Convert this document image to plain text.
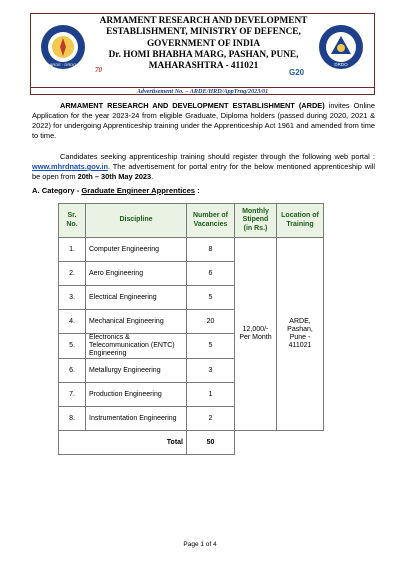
ARDE · DRDO
ARMAMENT RESEARCH AND DEVELOPMENT
ESTABLISHMENT, MINISTRY OF DEFENCE,
GOVERNMENT OF INDIA
Dr. HOMI BHABHA MARG, PASHAN, PUNE,
MAHARASHTRA - 411021
70	G20
DRDO
Advertisement No. – ARDE/HRD/AppTrng/2023/01
ARMAMENT RESEARCH AND DEVELOPMENT ESTABLISHMENT (ARDE) invites Online Application for the year 2023-24 from eligible Graduate, Diploma holders (passed during 2020, 2021 & 2022) for undergoing Apprenticeship training under the Apprenticeship Act 1961 and amended from time to time.
Candidates seeking apprenticeship training should register through the following web portal : www.mhrdnats.gov.in. The advertisement for portal entry for the below mentioned apprenticeship will be open from 20th – 30th May 2023.
A. Category - Graduate Engineer Apprentices :
Sr. No.	Discipline	Number of Vacancies	Monthly Stipend (in Rs.)	Location of Training
1.	Computer Engineering	8	12,000/- Per Month	ARDE, Pashan, Pune - 411021
2.	Aero Engineering	6		
3.	Electrical Engineering	5		
4.	Mechanical Engineering	20		
5.	Electronics & Telecommunication (ENTC) Engineering	5		
6.	Metallurgy Engineering	3		
7.	Production Engineering	1		
8.	Instrumentation Engineering	2		
Total		50		
Page 1 of 4
